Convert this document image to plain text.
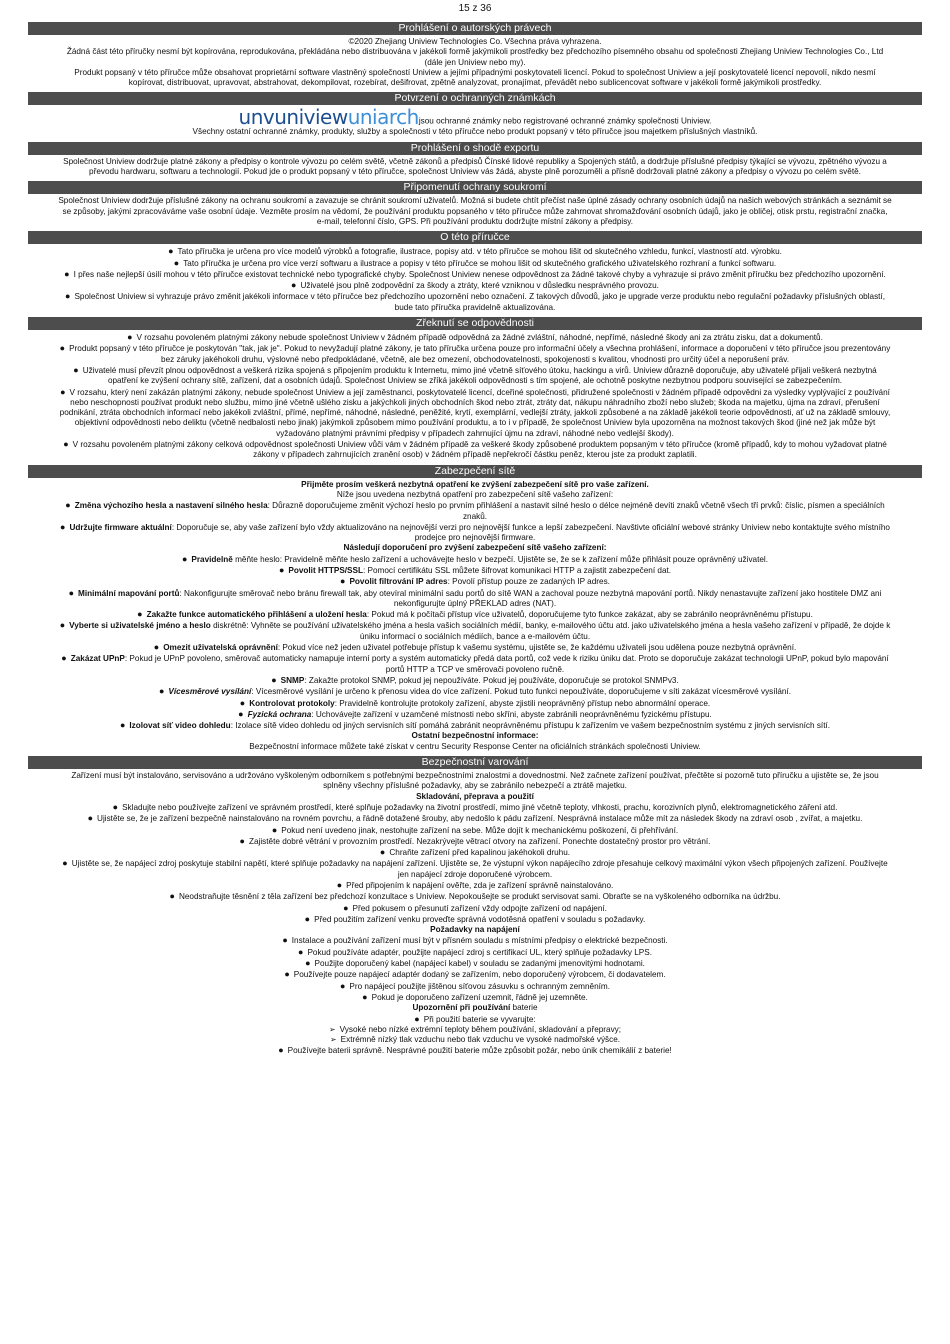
15 z 36
Prohlášení o autorských právech
©2020 Zhejiang Uniview Technologies Co. Všechna práva vyhrazena.
Žádná část této příručky nesmí být kopírována, reprodukována, překládána nebo distribuována v jakékoli formě jakýmikoli prostředky bez předchozího písemného obsahu od společnosti Zhejiang Uniview Technologies Co., Ltd (dále jen Uniview nebo my).
Produkt popsaný v této příručce může obsahovat proprietární software vlastněný společností Uniview a jejími případnými poskytovateli licencí. Pokud to společnost Uniview a její poskytovatelé licencí nepovolí, nikdo nesmí kopírovat, distribuovat, upravovat, abstrahovat, dekompilovat, rozebírat, dešifrovat, zpětně analyzovat, pronajímat, převádět nebo sublicencovat software v jakékoli formě jakýmikoli prostředky.
Potvrzení o ochranných známkách
unvuniviewuniarchjsou ochranné známky nebo registrované ochranné známky společnosti Uniview.
Všechny ostatní ochranné známky, produkty, služby a společnosti v této příručce nebo produkt popsaný v této příručce jsou majetkem příslušných vlastníků.
Prohlášení o shodě exportu
Společnost Uniview dodržuje platné zákony a předpisy o kontrole vývozu po celém světě, včetně zákonů a předpisů Čínské lidové republiky a Spojených států, a dodržuje příslušné předpisy týkající se vývozu, zpětného vývozu a převodu hardwaru, softwaru a technologií. Pokud jde o produkt popsaný v této příručce, společnost Uniview vás žádá, abyste plně porozuměli a přísně dodržovali platné zákony a předpisy o vývozu po celém světě.
Připomenutí ochrany soukromí
Společnost Uniview dodržuje příslušné zákony na ochranu soukromí a zavazuje se chránit soukromí uživatelů. Možná si budete chtít přečíst naše úplné zásady ochrany osobních údajů na našich webových stránkách a seznámit se se způsoby, jakými zpracováváme vaše osobní údaje. Vezměte prosím na vědomí, že používání produktu popsaného v této příručce může zahrnovat shromažďování osobních údajů, jako je obličej, otisk prstu, registrační značka, e-mail, telefonní číslo, GPS. Při používání produktu dodržujte místní zákony a předpisy.
O této příručce
● Tato příručka je určena pro více modelů výrobků a fotografie, ilustrace, popisy atd. v této příručce se mohou lišit od skutečného vzhledu, funkcí, vlastností atd. výrobku.
● Tato příručka je určena pro více verzí softwaru a ilustrace a popisy v této příručce se mohou lišit od skutečného grafického uživatelského rozhraní a funkcí softwaru.
● I přes naše nejlepší úsilí mohou v této příručce existovat technické nebo typografické chyby. Společnost Uniview nenese odpovědnost za žádné takové chyby a vyhrazuje si právo změnit příručku bez předchozího upozornění.
● Uživatelé jsou plně zodpovědní za škody a ztráty, které vzniknou v důsledku nesprávného provozu.
● Společnost Uniview si vyhrazuje právo změnit jakékoli informace v této příručce bez předchozího upozornění nebo označení. Z takových důvodů, jako je upgrade verze produktu nebo regulační požadavky příslušných oblastí, bude tato příručka pravidelně aktualizována.
Zřeknutí se odpovědnosti
● V rozsahu povoleném platnými zákony nebude společnost Uniview v žádném případě odpovědná za žádné zvláštní, náhodné, nepřímé, následné škody ani za ztrátu zisku, dat a dokumentů.
● Produkt popsaný v této příručce je poskytován "tak, jak je". Pokud to nevyžadují platné zákony, je tato příručka určena pouze pro informační účely a všechna prohlášení, informace a doporučení v této příručce jsou prezentovány bez záruky jakéhokoli druhu, výslovné nebo předpokládané, včetně, ale bez omezení, obchodovatelnosti, spokojenosti s kvalitou, vhodnosti pro určitý účel a neporušení práv.
● Uživatelé musí převzít plnou odpovědnost a veškerá rizika spojená s připojením produktu k Internetu, mimo jiné včetně síťového útoku, hackingu a virů. Uniview důrazně doporučuje, aby uživatelé přijali veškerá nezbytná opatření ke zvýšení ochrany sítě, zařízení, dat a osobních údajů. Společnost Uniview se zříká jakékoli odpovědnosti s tím spojené, ale ochotně poskytne nezbytnou podporu související se zabezpečením.
● V rozsahu, který není zakázán platnými zákony, nebude společnost Uniview a její zaměstnanci, poskytovatelé licencí, dceřiné společnosti, přidružené společnosti v žádném případě odpovědni za výsledky vyplývající z používání nebo neschopnosti používat produkt nebo službu, mimo jiné včetně ušlého zisku a jakýchkoli jiných obchodních škod nebo ztrát, ztráty dat, nákupu náhradního zboží nebo služeb; škoda na majetku, újma na zdraví, přerušení podnikání, ztráta obchodních informací nebo jakékoli zvláštní, přímé, nepřímé, náhodné, následné, peněžité, krytí, exemplární, vedlejší ztráty, jakkoli způsobené a na základě jakékoli teorie odpovědnosti, ať už na základě smlouvy, objektivní odpovědnosti nebo deliktu (včetně nedbalosti nebo jinak) jakýmkoli způsobem mimo používání produktu, a to i v případě, že společnost Uniview byla upozorněna na možnost takových škod (jiné než jak může být vyžadováno platnými právními předpisy v případech zahrnující újmu na zdraví, náhodné nebo vedlejší škody).
● V rozsahu povoleném platnými zákony celková odpovědnost společnosti Uniview vůči vám v žádném případě za veškeré škody způsobené produktem popsaným v této příručce (kromě případů, kdy to mohou vyžadovat platné zákony v případech zahrnujících zranění osob) v žádném případě nepřekročí částku peněz, kterou jste za produkt zaplatili.
Zabezpečení sítě
Přijměte prosím veškerá nezbytná opatření ke zvýšení zabezpečení sítě pro vaše zařízení.
Níže jsou uvedena nezbytná opatření pro zabezpečení sítě vašeho zařízení:
● Změna výchozího hesla a nastavení silného hesla: Důrazně doporučujeme změnit výchozí heslo po prvním přihlášení a nastavit silné heslo o délce nejméně devíti znaků včetně všech tří prvků: číslic, písmen a speciálních znaků.
● Udržujte firmware aktuální: Doporučuje se, aby vaše zařízení bylo vždy aktualizováno na nejnovější verzi pro nejnovější funkce a lepší zabezpečení. Navštivte oficiální webové stránky Uniview nebo kontaktujte svého místního prodejce pro nejnovější firmware.
Následují doporučení pro zvýšení zabezpečení sítě vašeho zařízení:
● Pravidelně měňte heslo: Pravidelně měňte heslo zařízení a uchovávejte heslo v bezpečí. Ujistěte se, že se k zařízení může přihlásit pouze oprávněný uživatel.
● Povolit HTTPS/SSL: Pomocí certifikátu SSL můžete šifrovat komunikaci HTTP a zajistit zabezpečení dat.
● Povolit filtrování IP adres: Povolí přístup pouze ze zadaných IP adres.
● Minimální mapování portů: Nakonfigurujte směrovač nebo bránu firewall tak, aby otevíral minimální sadu portů do sítě WAN a zachoval pouze nezbytná mapování portů. Nikdy nenastavujte zařízení jako hostitele DMZ ani nekonfigurujte úplný PŘEKLAD adres (NAT).
● Zakažte funkce automatického přihlášení a uložení hesla: Pokud má k počítači přístup více uživatelů, doporučujeme tyto funkce zakázat, aby se zabránilo neoprávněnému přístupu.
● Vyberte si uživatelské jméno a heslo diskrétně: Vyhněte se používání uživatelského jména a hesla vašich sociálních médií, banky, e-mailového účtu atd. jako uživatelského jména a hesla vašeho zařízení v případě, že dojde k úniku informací o sociálních médiích, bance a e-mailovém účtu.
● Omezit uživatelská oprávnění: Pokud více než jeden uživatel potřebuje přístup k vašemu systému, ujistěte se, že každému uživateli jsou udělena pouze nezbytná oprávnění.
● Zakázat UPnP: Pokud je UPnP povoleno, směrovač automaticky namapuje interní porty a systém automaticky předá data portů, což vede k riziku úniku dat. Proto se doporučuje zakázat technologii UPnP, pokud bylo mapování portů HTTP a TCP ve směrovači povoleno ručně.
● SNMP: Zakažte protokol SNMP, pokud jej nepoužíváte. Pokud jej používáte, doporučuje se protokol SNMPv3.
● Vícesměrové vysílání: Vícesměrové vysílání je určeno k přenosu videa do více zařízení. Pokud tuto funkci nepoužíváte, doporučujeme v síti zakázat vícesměrové vysílání.
● Kontrolovat protokoly: Pravidelně kontrolujte protokoly zařízení, abyste zjistili neoprávněný přístup nebo abnormální operace.
● Fyzická ochrana: Uchovávejte zařízení v uzamčené místnosti nebo skříni, abyste zabránili neoprávněnému fyzickému přístupu.
● Izolovat síť video dohledu: Izolace sítě video dohledu od jiných servisních sítí pomáhá zabránit neoprávněnému přístupu k zařízením ve vašem bezpečnostním systému z jiných servisních sítí.
Ostatní bezpečnostní informace:
Bezpečnostní informace můžete také získat v centru Security Response Center na oficiálních stránkách společnosti Uniview.
Bezpečnostní varování
Zařízení musí být instalováno, servisováno a udržováno vyškoleným odborníkem s potřebnými bezpečnostními znalostmi a dovednostmi. Než začnete zařízení používat, přečtěte si pozorně tuto příručku a ujistěte se, že jsou splněny všechny příslušné požadavky, aby se zabránilo nebezpečí a ztrátě majetku.
Skladování, přeprava a použití
● Skladujte nebo používejte zařízení ve správném prostředí, které splňuje požadavky na životní prostředí, mimo jiné včetně teploty, vlhkosti, prachu, korozivních plynů, elektromagnetického záření atd.
● Ujistěte se, že je zařízení bezpečně nainstalováno na rovném povrchu, a řádně dotažené šrouby, aby nedošlo k pádu zařízení. Nesprávná instalace může mít za následek škody na zdraví osob , zvířat, a majetku.
● Pokud není uvedeno jinak, nestohujte zařízení na sebe. Může dojít k mechanickému poškození, či přehřívání.
● Zajistěte dobré větrání v provozním prostředí. Nezakrývejte větrací otvory na zařízení. Ponechte dostatečný prostor pro větrání.
● Chraňte zařízení před kapalinou jakéhokoli druhu.
● Ujistěte se, že napájecí zdroj poskytuje stabilní napětí, které splňuje požadavky na napájení zařízení. Ujistěte se, že výstupní výkon napájecího zdroje přesahuje celkový maximální výkon všech připojených zařízení. Používejte jen napájecí zdroje doporučené výrobcem.
● Před připojením k napájení ověřte, zda je zařízení správně nainstalováno.
● Neodstraňujte těsnění z těla zařízení bez předchozí konzultace s Uniview. Nepokoušejte se produkt servisovat sami. Obraťte se na vyškoleného odborníka na údržbu.
● Před pokusem o přesunutí zařízení vždy odpojte zařízení od napájení.
● Před použitím zařízení venku proveďte správná vodotěsná opatření v souladu s požadavky.
Požadavky na napájení
● Instalace a používání zařízení musí být v přísném souladu s místními předpisy o elektrické bezpečnosti.
● Pokud používáte adaptér, použijte napájecí zdroj s certifikací UL, který splňuje požadavky LPS.
● Použijte doporučený kabel (napájecí kabel) v souladu se zadanými jmenovitými hodnotami.
● Používejte pouze napájecí adaptér dodaný se zařízením, nebo doporučený výrobcem, či dodavatelem.
● Pro napájecí použijte jištěnou síťovou zásuvku s ochranným zemněním.
● Pokud je doporučeno zařízení uzemnit, řádně jej uzemněte.
Upozornění při používání baterie
● Při použití baterie se vyvarujte:
➢ Vysoké nebo nízké extrémní teploty během používání, skladování a přepravy;
➢ Extrémně nízký tlak vzduchu nebo tlak vzduchu ve vysoké nadmořské výšce.
● Používejte baterii správně. Nesprávné použití baterie může způsobit požár, nebo únik chemikálií z baterie!
